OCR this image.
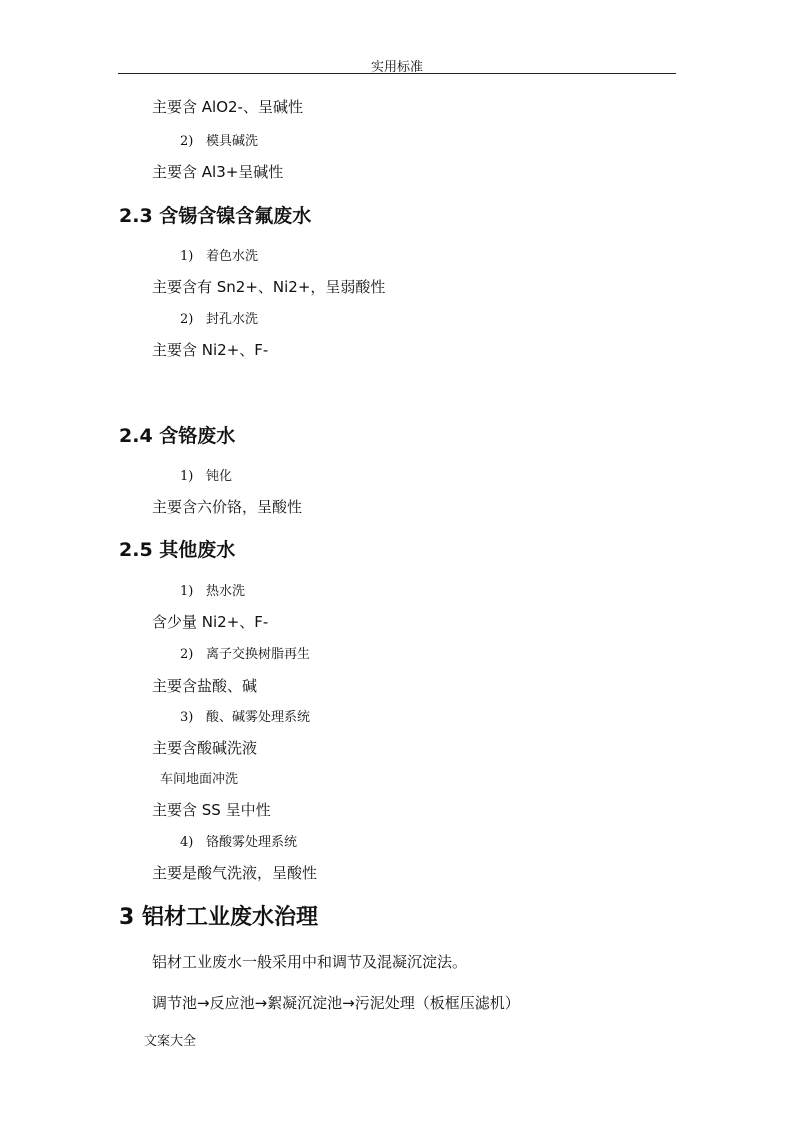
实用标准
主要含 AlO2-、呈碱性
2) 模具碱洗
主要含 Al3+呈碱性
2.3 含锡含镍含氟废水
1) 着色水洗
主要含有 Sn2+、Ni2+，呈弱酸性
2) 封孔水洗
主要含 Ni2+、F-
2.4 含铬废水
1) 钝化
主要含六价铬，呈酸性
2.5 其他废水
1) 热水洗
含少量 Ni2+、F-
2) 离子交换树脂再生
主要含盐酸、碱
3) 酸、碱雾处理系统
主要含酸碱洗液
车间地面冲洗
主要含 SS 呈中性
4) 铬酸雾处理系统
主要是酸气洗液，呈酸性
3 铝材工业废水治理
铝材工业废水一般采用中和调节及混凝沉淀法。
调节池→反应池→絮凝沉淀池→污泥处理（板框压滤机）
文案大全
